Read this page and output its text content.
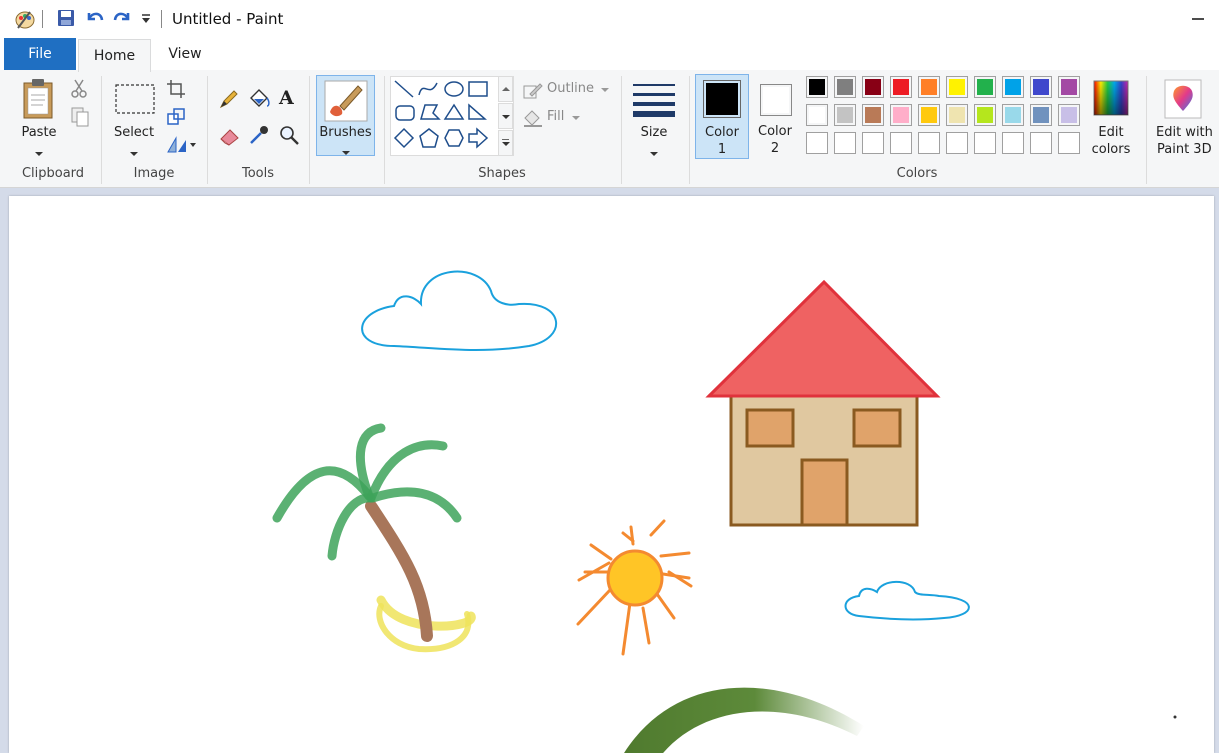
Untitled - Paint
File	Home	View
Paste
Clipboard
Select
Image
A
Tools
Brushes
Outline
Fill
Shapes
Size	Color
1
Color
2
Edit
colors
Colors
Edit with
Paint 3D
